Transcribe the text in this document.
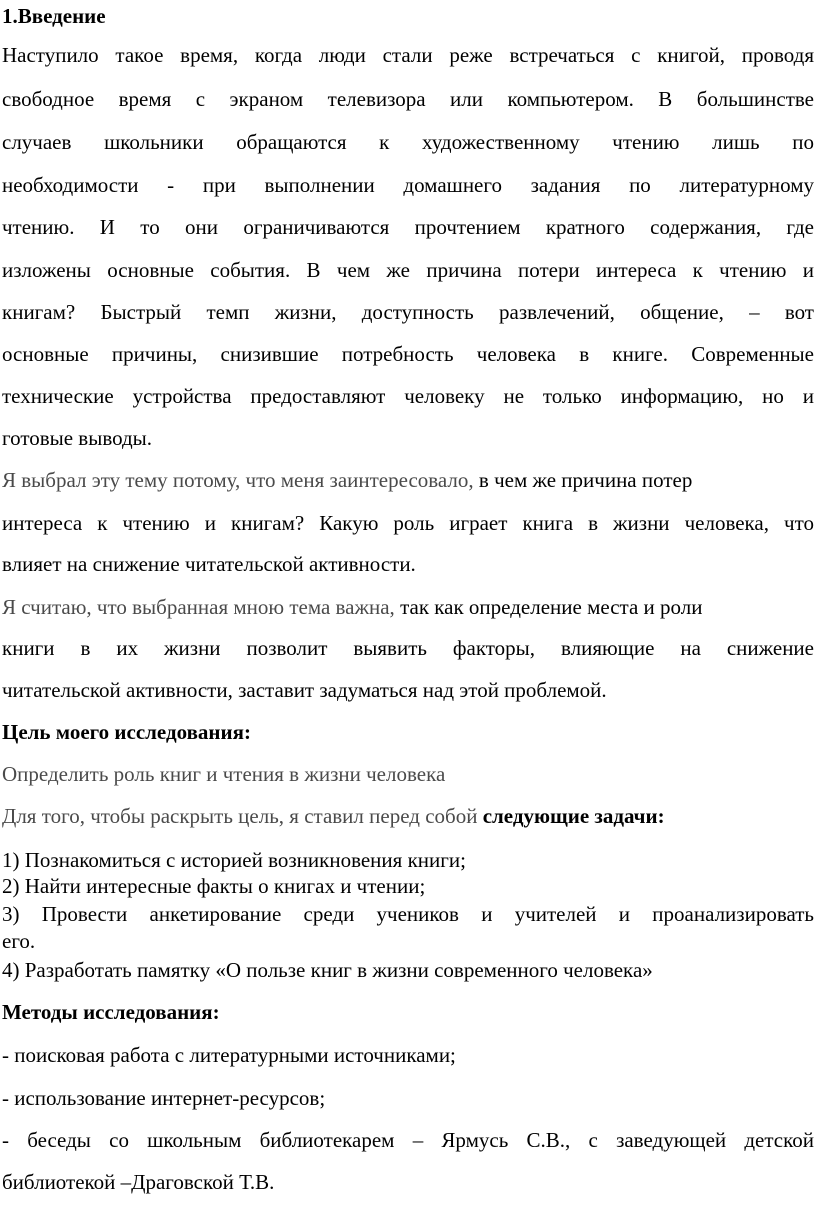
1.Введение
Наступило такое время, когда люди стали реже встречаться с книгой, проводя
свободное время с экраном телевизора или компьютером. В большинстве
случаев школьники обращаются к художественному чтению лишь по
необходимости - при выполнении домашнего задания по литературному
чтению. И то они ограничиваются прочтением кратного содержания, где
изложены основные события. В чем же причина потери интереса к чтению и
книгам? Быстрый темп жизни, доступность развлечений, общение, – вот
основные причины, снизившие потребность человека в книге. Современные
технические устройства предоставляют человеку не только информацию, но и
готовые выводы.
Я выбрал эту тему потому, что меня заинтересовало, в чем же причина потер
интереса к чтению и книгам? Какую роль играет книга в жизни человека, что
влияет на снижение читательской активности.
Я считаю, что выбранная мною тема важна, так как определение места и роли
книги в их жизни позволит выявить факторы, влияющие на снижение
читательской активности, заставит задуматься над этой проблемой.
Цель моего исследования:
Определить роль книг и чтения в жизни человека
Для того, чтобы раскрыть цель, я ставил перед собой следующие задачи:
1) Познакомиться с историей возникновения книги;
2) Найти интересные факты о книгах и чтении;
3) Провести анкетирование среди учеников и учителей и проанализировать
его.
4) Разработать памятку «О пользе книг в жизни современного человека»
Методы исследования:
- поисковая работа с литературными источниками;
- использование интернет-ресурсов;
- беседы со школьным библиотекарем – Ярмусь С.В., с заведующей детской
библиотекой –Драговской Т.В.
